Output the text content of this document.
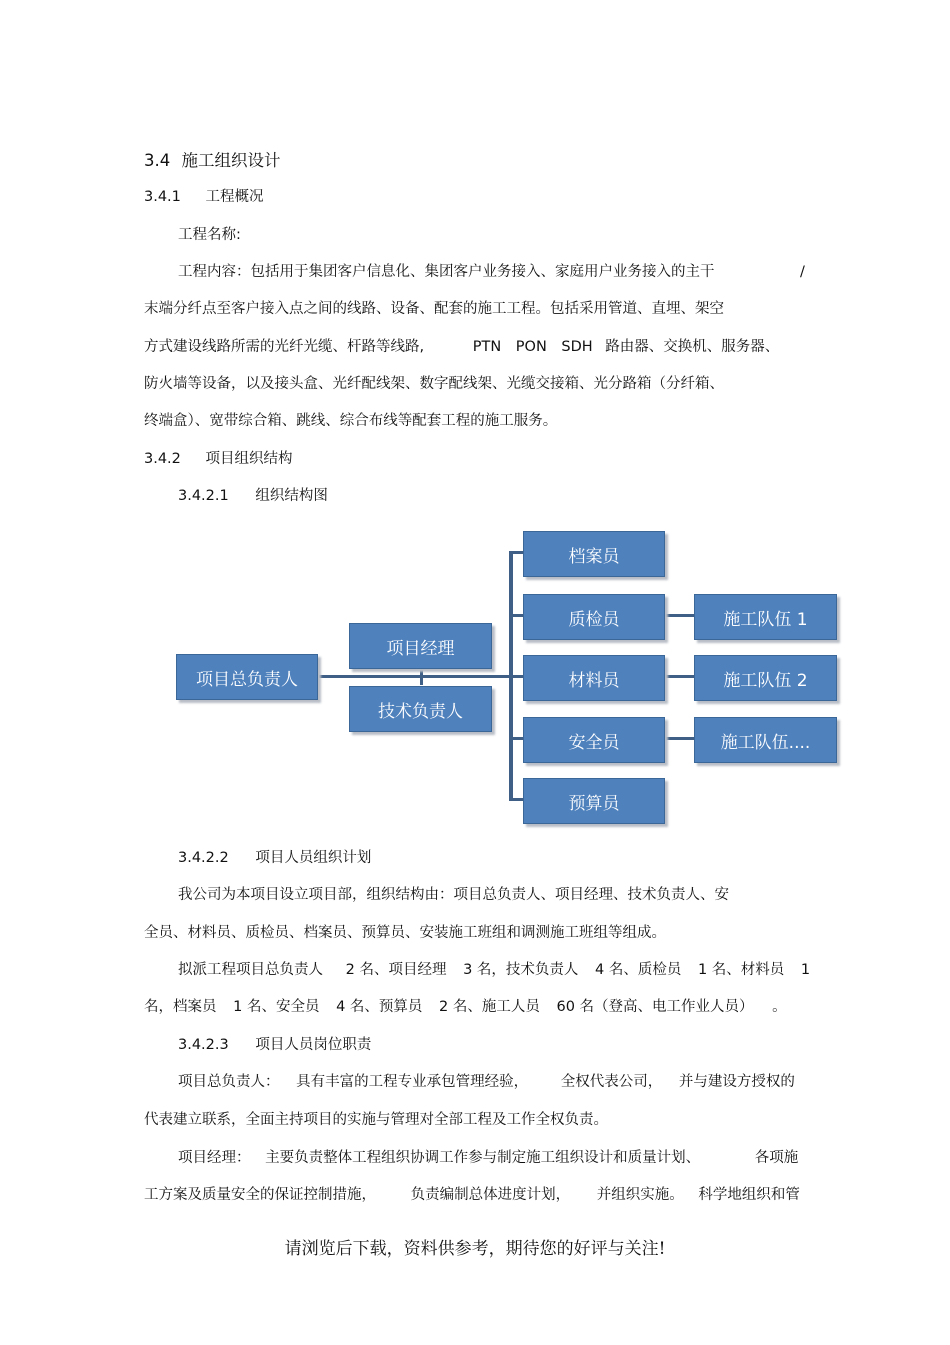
3.4 施工组织设计
3.4.1 工程概况
工程名称:
工程内容：包括用于集团客户信息化、集团客户业务接入、家庭用户业务接入的主干	/
末端分纤点至客户接入点之间的线路、设备、配套的施工工程。包括采用管道、直埋、架空
方式建设线路所需的光纤光缆、杆路等线路,	PTN PON SDH 路由器、交换机、服务器、
防火墙等设备，以及接头盒、光纤配线架、数字配线架、光缆交接箱、光分路箱（分纤箱、
终端盒）、宽带综合箱、跳线、综合布线等配套工程的施工服务。
3.4.2 项目组织结构
3.4.2.1 组织结构图
项目总负责人
项目经理
技术负责人
档案员
质检员
材料员
安全员
预算员
施工队伍 1
施工队伍 2
施工队伍....
3.4.2.2 项目人员组织计划
我公司为本项目设立项目部，组织结构由：项目总负责人、项目经理、技术负责人、安
全员、材料员、质检员、档案员、预算员、安装施工班组和调测施工班组等组成。
拟派工程项目总负责人 2 名、项目经理 3 名，技术负责人 4 名、质检员 1 名、材料员 1
名，档案员 1 名、安全员 4 名、预算员 2 名、施工人员 60 名（登高、电工作业人员） 。
3.4.2.3 项目人员岗位职责
项目总负责人： 具有丰富的工程专业承包管理经验， 全权代表公司， 并与建设方授权的
代表建立联系，全面主持项目的实施与管理对全部工程及工作全权负责。
项目经理： 主要负责整体工程组织协调工作参与制定施工组织设计和质量计划、	各项施
工方案及质量安全的保证控制措施， 负责编制总体进度计划， 并组织实施。 科学地组织和管
请浏览后下载，资料供参考，期待您的好评与关注!
